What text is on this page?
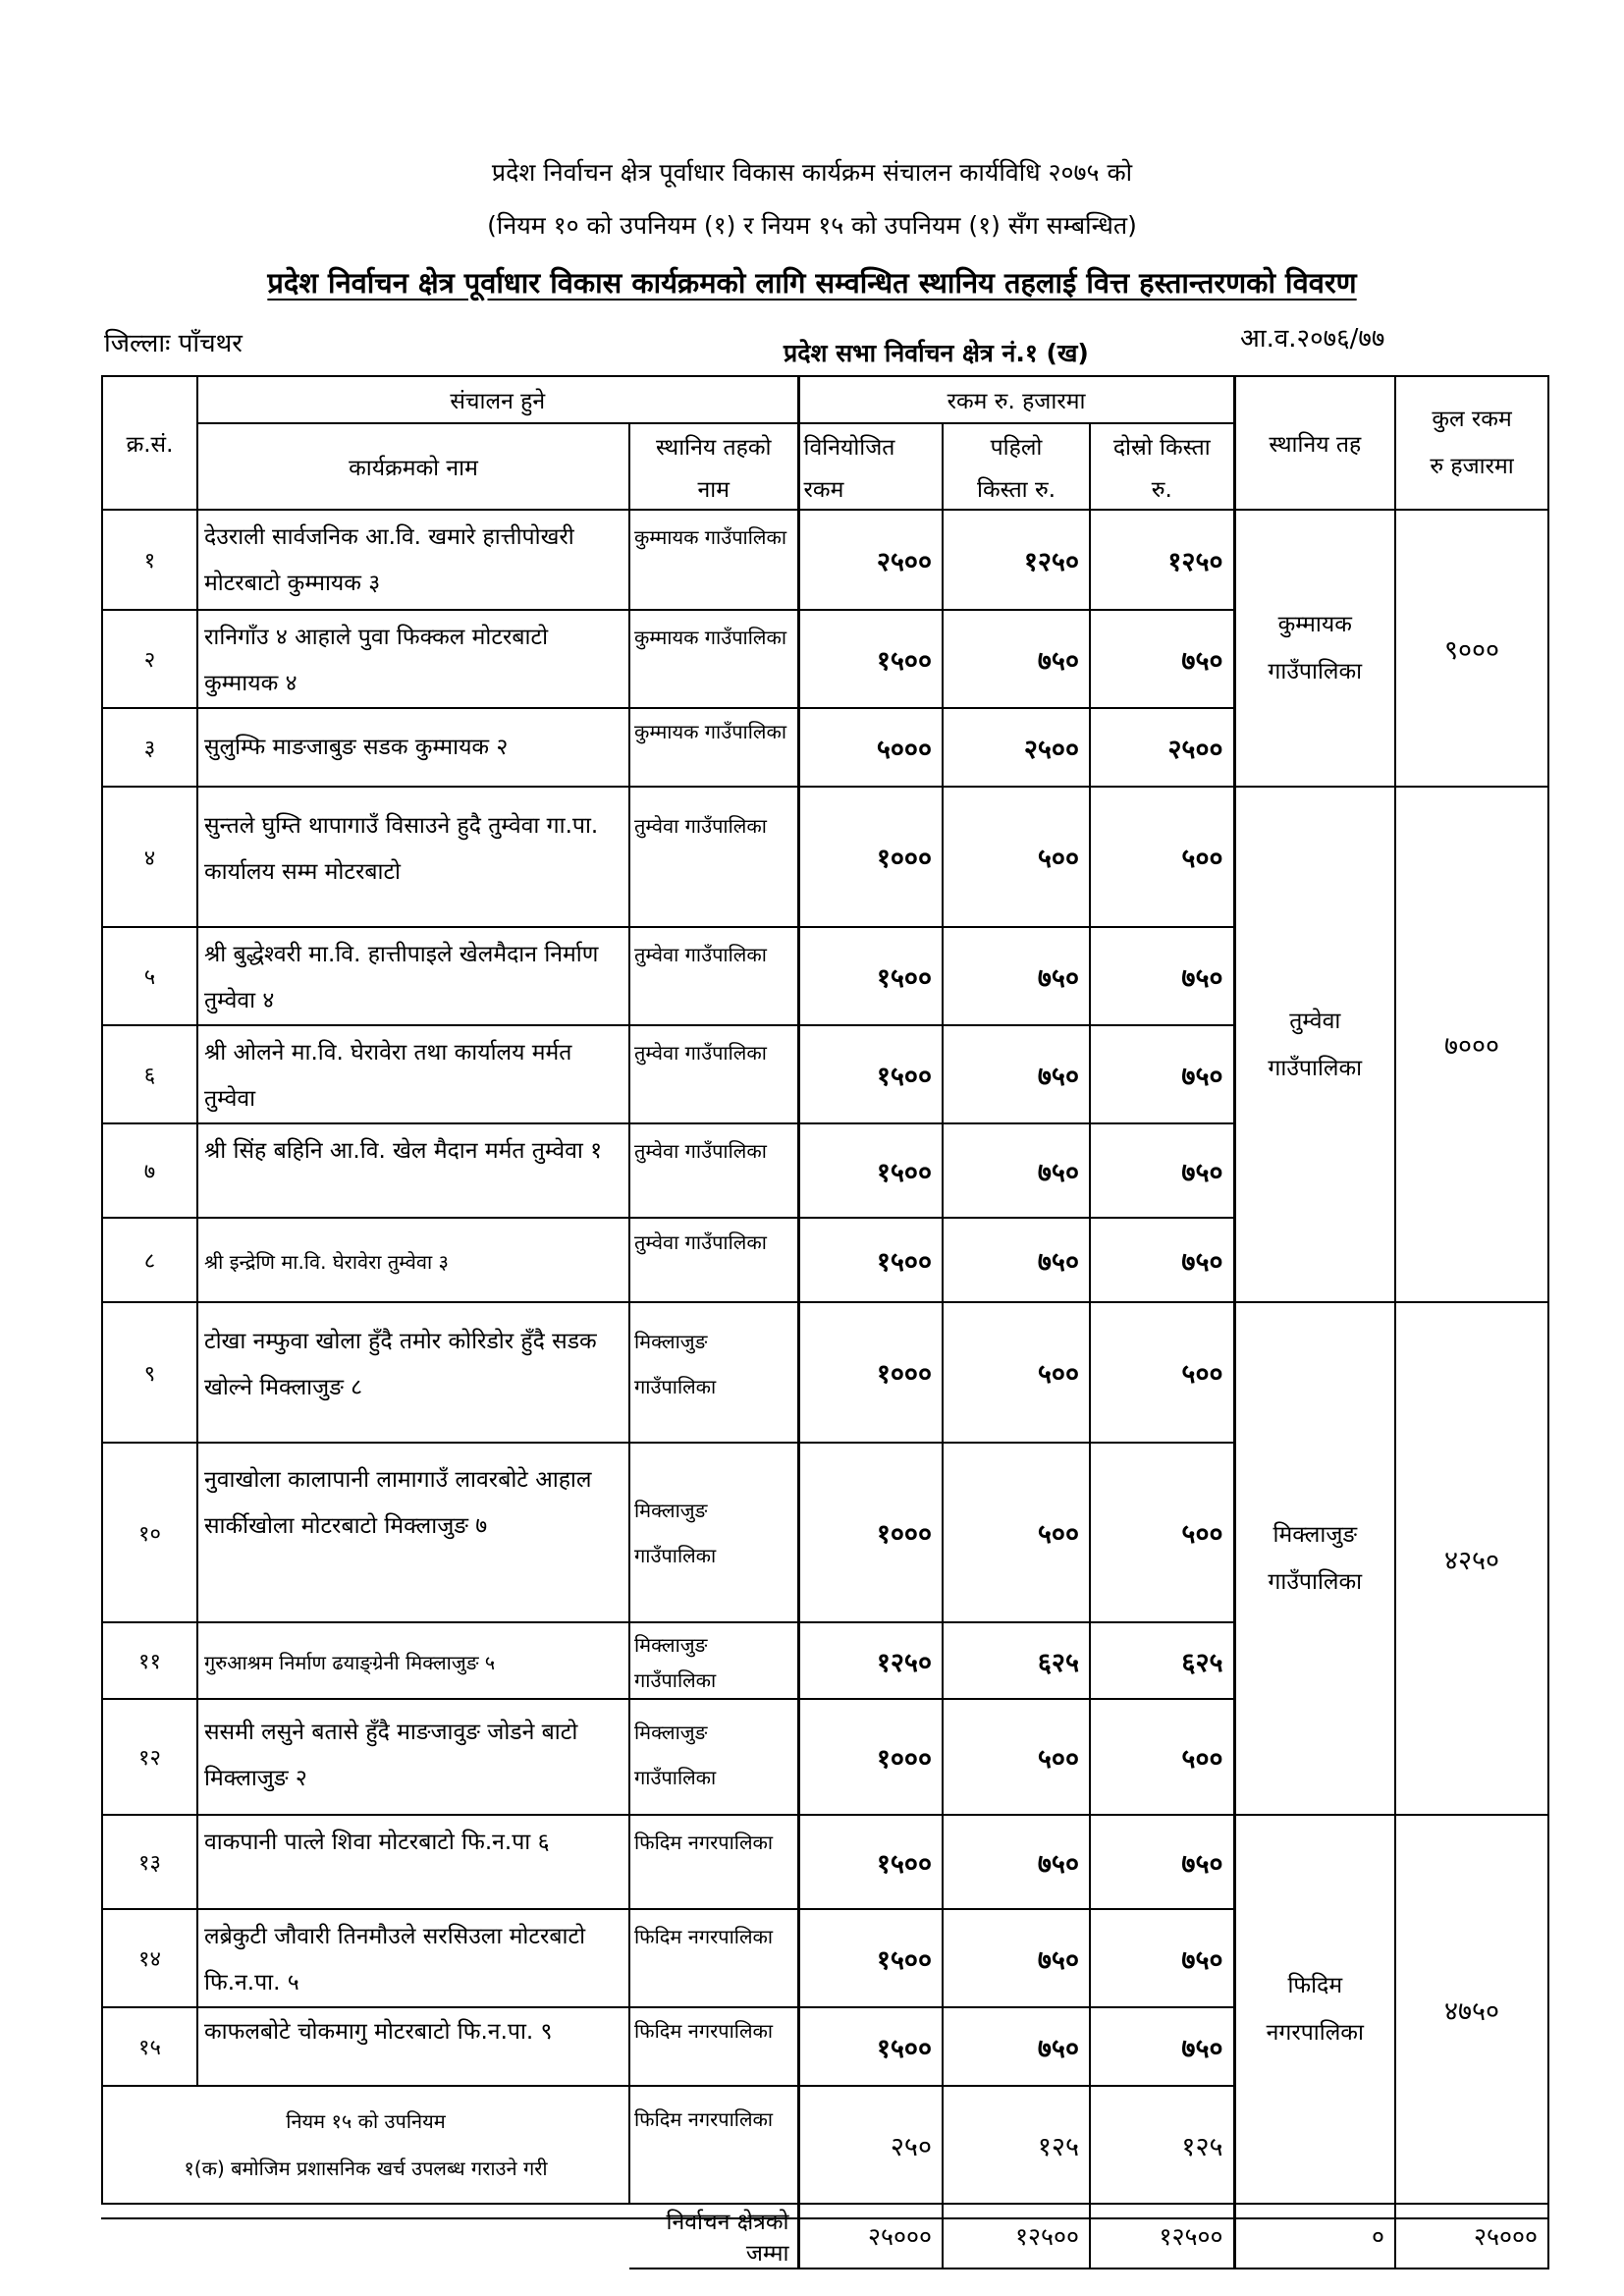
प्रदेश निर्वाचन क्षेत्र पूर्वाधार विकास कार्यक्रम संचालन कार्यविधि २०७५ को
(नियम १० को उपनियम (१) र नियम १५ को उपनियम (१) सँग सम्बन्धित)
प्रदेश निर्वाचन क्षेत्र पूर्वाधार विकास कार्यक्रमको लागि सम्वन्धित स्थानिय तहलाई वित्त हस्तान्तरणको विवरण
जिल्लाः पाँचथर	प्रदेश सभा निर्वाचन क्षेत्र नं.१ (ख)	आ.व.२०७६/७७
क्र.सं.	संचालन हुने		रकम रु. हजारमा			स्थानिय तह	कुल रकम
रु हजारमा

	कार्यक्रमको नाम	स्थानिय तहको	विनियोजित	पहिलो	दोस्रो किस्ता		
		नाम	रकम	किस्ता रु.	रु.		
१	देउराली सार्वजनिक आ.वि. खमारे हात्तीपोखरी मोटरबाटो कुम्मायक ३	कुम्मायक गाउँपालिका	२५००	१२५०	१२५०	कुम्मायक गाउँपालिका	९०००
२	रानिगाँउ ४ आहाले पुवा फिक्कल मोटरबाटो कुम्मायक ४	कुम्मायक गाउँपालिका	१५००	७५०	७५०		
३	सुलुम्फि माङजाबुङ सडक कुम्मायक २	कुम्मायक गाउँपालिका	५०००	२५००	२५००		
४	सुन्तले घुम्ति थापागाउँ विसाउने हुदै तुम्वेवा गा.पा. कार्यालय सम्म मोटरबाटो	तुम्वेवा गाउँपालिका	१०००	५००	५००	तुम्वेवा गाउँपालिका	७०००
५	श्री बुद्धेश्वरी मा.वि. हात्तीपाइले खेलमैदान निर्माण तुम्वेवा ४	तुम्वेवा गाउँपालिका	१५००	७५०	७५०		
६	श्री ओलने मा.वि. घेरावेरा तथा कार्यालय मर्मत तुम्वेवा	तुम्वेवा गाउँपालिका	१५००	७५०	७५०		
७	श्री सिंह बहिनि आ.वि. खेल मैदान मर्मत तुम्वेवा १	तुम्वेवा गाउँपालिका	१५००	७५०	७५०		
८	श्री इन्द्रेणि मा.वि. घेरावेरा तुम्वेवा ३	तुम्वेवा गाउँपालिका	१५००	७५०	७५०		
९	टोखा नम्फुवा खोला हुँदै तमोर कोरिडोर हुँदै सडक खोल्ने मिक्लाजुङ ८	मिक्लाजुङ गाउँपालिका	१०००	५००	५००	मिक्लाजुङ गाउँपालिका	४२५०
१०	नुवाखोला कालापानी लामागाउँ लावरबोटे आहाल सार्कीखोला मोटरबाटो मिक्लाजुङ ७	मिक्लाजुङ गाउँपालिका	१०००	५००	५००		
११	गुरुआश्रम निर्माण ढयाङ्ग्रेनी मिक्लाजुङ ५	मिक्लाजुङ गाउँपालिका	१२५०	६२५	६२५		
१२	ससमी लसुने बतासे हुँदै माङजावुङ जोडने बाटो मिक्लाजुङ २	मिक्लाजुङ गाउँपालिका	१०००	५००	५००		
१३	वाकपानी पात्ले शिवा मोटरबाटो फि.न.पा ६	फिदिम नगरपालिका	१५००	७५०	७५०	फिदिम नगरपालिका	४७५०
१४	लब्रेकुटी जौवारी तिनमौउले सरसिउला मोटरबाटो फि.न.पा. ५	फिदिम नगरपालिका	१५००	७५०	७५०		
१५	काफलबोटे चोकमागु मोटरबाटो फि.न.पा. ९	फिदिम नगरपालिका	१५००	७५०	७५०		

नियम १५ को उपनियम
१(क) बमोजिम प्रशासनिक खर्च उपलब्ध गराउने गरी		फिदिम नगरपालिका	२५०	१२५	१२५		
		निर्वाचन क्षेत्रको जम्मा	२५०००	१२५००	१२५००	०	२५०००
